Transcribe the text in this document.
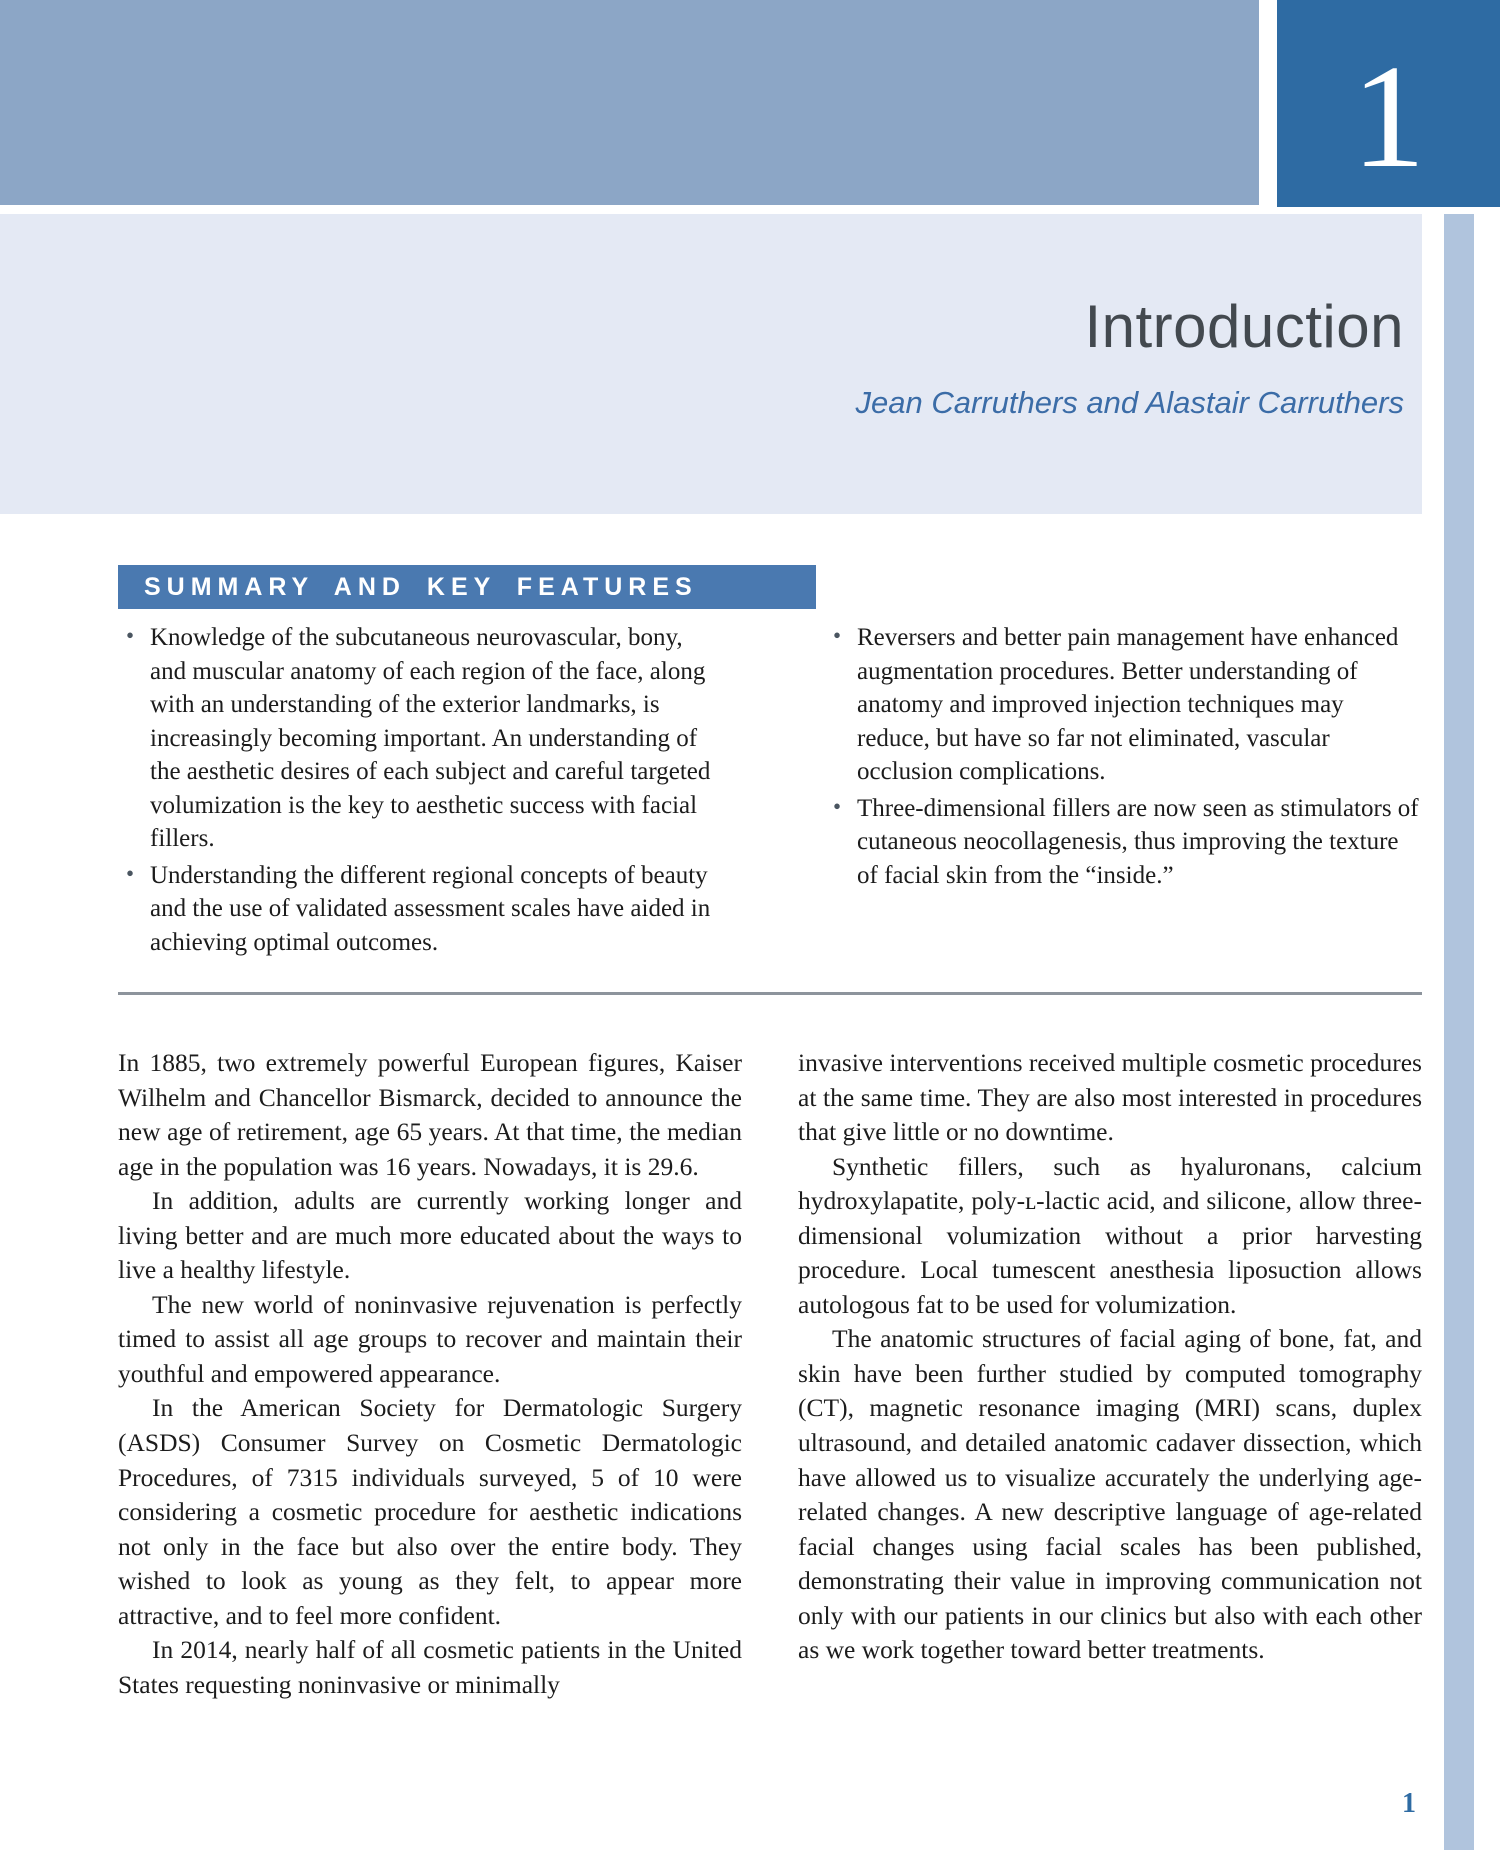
1
Introduction
Jean Carruthers and Alastair Carruthers
SUMMARY AND KEY FEATURES
• Knowledge of the subcutaneous neurovascular, bony, and muscular anatomy of each region of the face, along with an understanding of the exterior landmarks, is increasingly becoming important. An understanding of the aesthetic desires of each subject and careful targeted volumization is the key to aesthetic success with facial fillers.
• Understanding the different regional concepts of beauty and the use of validated assessment scales have aided in achieving optimal outcomes.
• Reversers and better pain management have enhanced augmentation procedures. Better understanding of anatomy and improved injection techniques may reduce, but have so far not eliminated, vascular occlusion complications.
• Three-dimensional fillers are now seen as stimulators of cutaneous neocollagenesis, thus improving the texture of facial skin from the “inside.”

In 1885, two extremely powerful European figures, Kaiser Wilhelm and Chancellor Bismarck, decided to announce the new age of retirement, age 65 years. At that time, the median age in the population was 16 years. Nowadays, it is 29.6.

In addition, adults are currently working longer and living better and are much more educated about the ways to live a healthy lifestyle.

The new world of noninvasive rejuvenation is perfectly timed to assist all age groups to recover and maintain their youthful and empowered appearance.

In the American Society for Dermatologic Surgery (ASDS) Consumer Survey on Cosmetic Dermatologic Procedures, of 7315 individuals surveyed, 5 of 10 were considering a cosmetic procedure for aesthetic indications not only in the face but also over the entire body. They wished to look as young as they felt, to appear more attractive, and to feel more confident.

In 2014, nearly half of all cosmetic patients in the United States requesting noninvasive or minimally

invasive interventions received multiple cosmetic procedures at the same time. They are also most interested in procedures that give little or no downtime.

Synthetic fillers, such as hyaluronans, calcium hydroxylapatite, poly-ʟ-lactic acid, and silicone, allow three-dimensional volumization without a prior harvesting procedure. Local tumescent anesthesia liposuction allows autologous fat to be used for volumization.

The anatomic structures of facial aging of bone, fat, and skin have been further studied by computed tomography (CT), magnetic resonance imaging (MRI) scans, duplex ultrasound, and detailed anatomic cadaver dissection, which have allowed us to visualize accurately the underlying age-related changes. A new descriptive language of age-related facial changes using facial scales has been published, demonstrating their value in improving communication not only with our patients in our clinics but also with each other as we work together toward better treatments.

1
